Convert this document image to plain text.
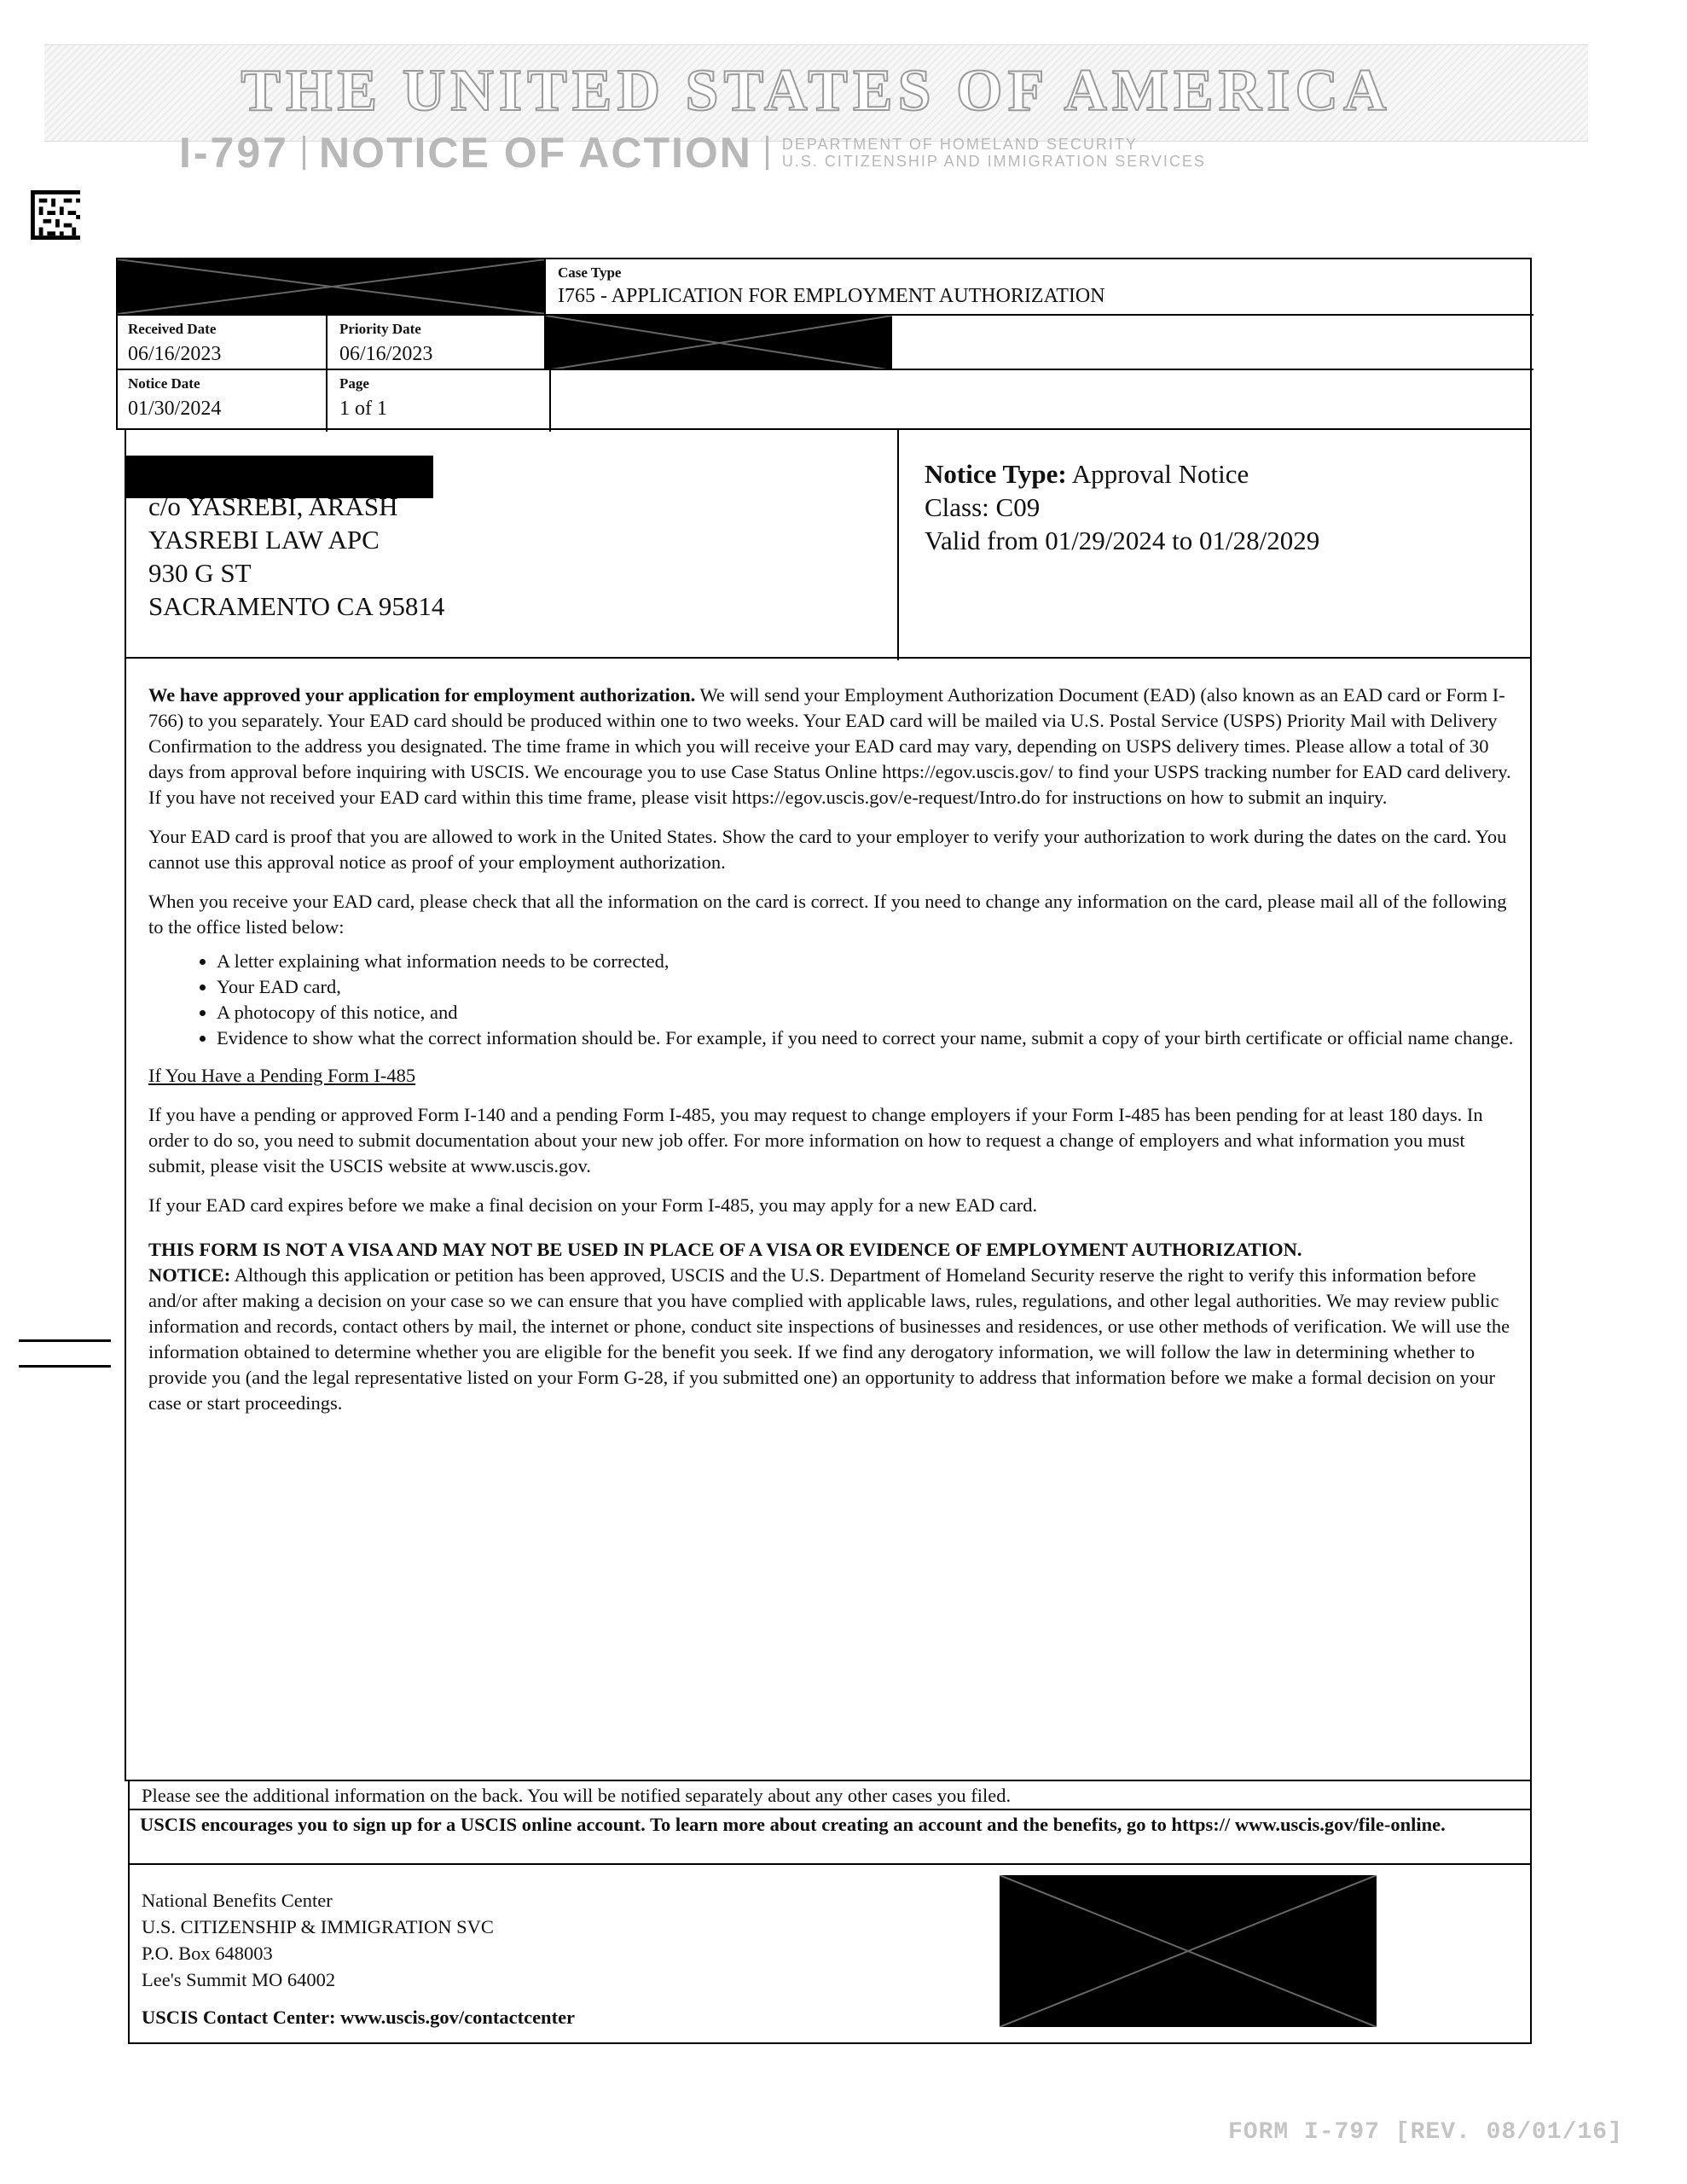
THE UNITED STATES OF AMERICA
I-797 NOTICE OF ACTION DEPARTMENT OF HOMELAND SECURITY
U.S. CITIZENSHIP AND IMMIGRATION SERVICES
Case Type
I765 - APPLICATION FOR EMPLOYMENT AUTHORIZATION
Received Date
06/16/2023
Priority Date
06/16/2023
Notice Date
01/30/2024
Page
1 of 1
c/o YASREBI, ARASH
YASREBI LAW APC
930 G ST
SACRAMENTO CA 95814
Notice Type: Approval Notice
Class: C09
Valid from 01/29/2024 to 01/28/2029

We have approved your application for employment authorization. We will send your Employment Authorization Document (EAD) (also known as an EAD card or Form I-766) to you separately. Your EAD card should be produced within one to two weeks. Your EAD card will be mailed via U.S. Postal Service (USPS) Priority Mail with Delivery Confirmation to the address you designated. The time frame in which you will receive your EAD card may vary, depending on USPS delivery times. Please allow a total of 30 days from approval before inquiring with USCIS. We encourage you to use Case Status Online https://egov.uscis.gov/ to find your USPS tracking number for EAD card delivery. If you have not received your EAD card within this time frame, please visit https://egov.uscis.gov/e-request/Intro.do for instructions on how to submit an inquiry.

Your EAD card is proof that you are allowed to work in the United States. Show the card to your employer to verify your authorization to work during the dates on the card. You cannot use this approval notice as proof of your employment authorization.

When you receive your EAD card, please check that all the information on the card is correct. If you need to change any information on the card, please mail all of the following to the office listed below:

• A letter explaining what information needs to be corrected,
• Your EAD card,
• A photocopy of this notice, and
• Evidence to show what the correct information should be. For example, if you need to correct your name, submit a copy of your birth certificate or official name change.

If You Have a Pending Form I-485

If you have a pending or approved Form I-140 and a pending Form I-485, you may request to change employers if your Form I-485 has been pending for at least 180 days. In order to do so, you need to submit documentation about your new job offer. For more information on how to request a change of employers and what information you must submit, please visit the USCIS website at www.uscis.gov.

If your EAD card expires before we make a final decision on your Form I-485, you may apply for a new EAD card.

THIS FORM IS NOT A VISA AND MAY NOT BE USED IN PLACE OF A VISA OR EVIDENCE OF EMPLOYMENT AUTHORIZATION.

NOTICE: Although this application or petition has been approved, USCIS and the U.S. Department of Homeland Security reserve the right to verify this information before and/or after making a decision on your case so we can ensure that you have complied with applicable laws, rules, regulations, and other legal authorities. We may review public information and records, contact others by mail, the internet or phone, conduct site inspections of businesses and residences, or use other methods of verification. We will use the information obtained to determine whether you are eligible for the benefit you seek. If we find any derogatory information, we will follow the law in determining whether to provide you (and the legal representative listed on your Form G-28, if you submitted one) an opportunity to address that information before we make a formal decision on your case or start proceedings.

Please see the additional information on the back. You will be notified separately about any other cases you filed.
USCIS encourages you to sign up for a USCIS online account. To learn more about creating an account and the benefits, go to https:// www.uscis.gov/file-online.
National Benefits Center
U.S. CITIZENSHIP & IMMIGRATION SVC
P.O. Box 648003
Lee's Summit MO 64002
USCIS Contact Center: www.uscis.gov/contactcenter
FORM I-797 [REV. 08/01/16]
